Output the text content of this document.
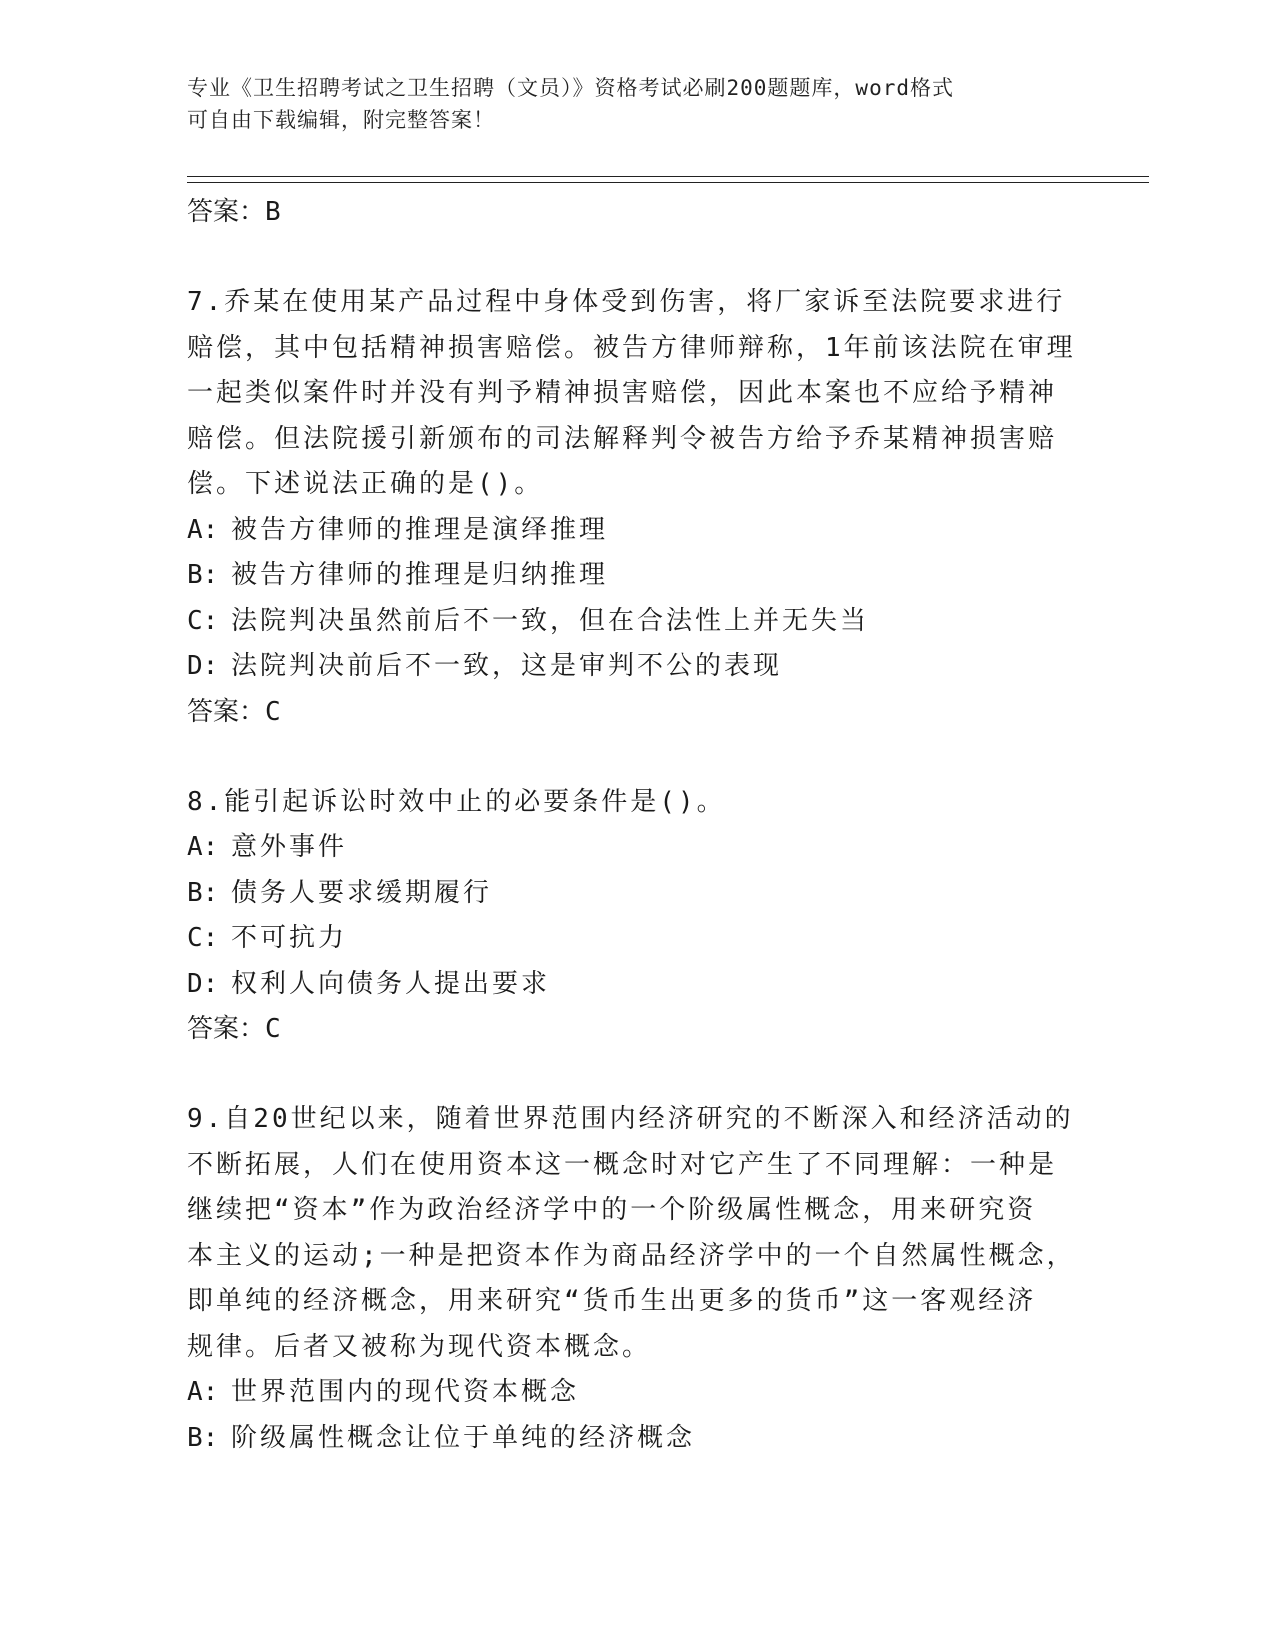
专业《卫生招聘考试之卫生招聘（文员）》资格考试必刷200题题库，word格式
可自由下载编辑，附完整答案！
答案：B
7.乔某在使用某产品过程中身体受到伤害，将厂家诉至法院要求进行
赔偿，其中包括精神损害赔偿。被告方律师辩称，1年前该法院在审理
一起类似案件时并没有判予精神损害赔偿，因此本案也不应给予精神
赔偿。但法院援引新颁布的司法解释判令被告方给予乔某精神损害赔
偿。下述说法正确的是()。
A: 被告方律师的推理是演绎推理
B: 被告方律师的推理是归纳推理
C: 法院判决虽然前后不一致，但在合法性上并无失当
D: 法院判决前后不一致，这是审判不公的表现
答案：C
8.能引起诉讼时效中止的必要条件是()。
A: 意外事件
B: 债务人要求缓期履行
C: 不可抗力
D: 权利人向债务人提出要求
答案：C
9.自20世纪以来，随着世界范围内经济研究的不断深入和经济活动的
不断拓展，人们在使用资本这一概念时对它产生了不同理解：一种是
继续把“资本”作为政治经济学中的一个阶级属性概念，用来研究资
本主义的运动;一种是把资本作为商品经济学中的一个自然属性概念，
即单纯的经济概念，用来研究“货币生出更多的货币”这一客观经济
规律。后者又被称为现代资本概念。
A: 世界范围内的现代资本概念
B: 阶级属性概念让位于单纯的经济概念
